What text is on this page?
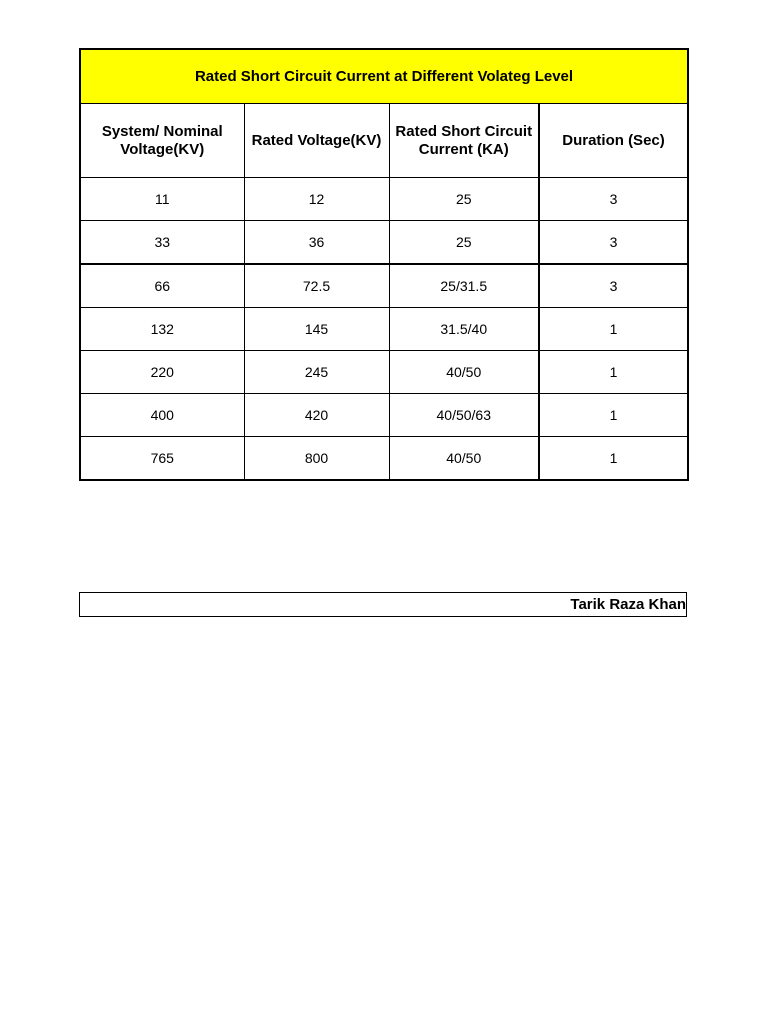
Rated Short Circuit Current at Different Volateg Level			
System/ Nominal Voltage(KV)	Rated Voltage(KV)	Rated Short Circuit Current (KA)	Duration (Sec)
11	12	25	3
33	36	25	3
66	72.5	25/31.5	3
132	145	31.5/40	1
220	245	40/50	1
400	420	40/50/63	1
765	800	40/50	1
Tarik Raza Khan
